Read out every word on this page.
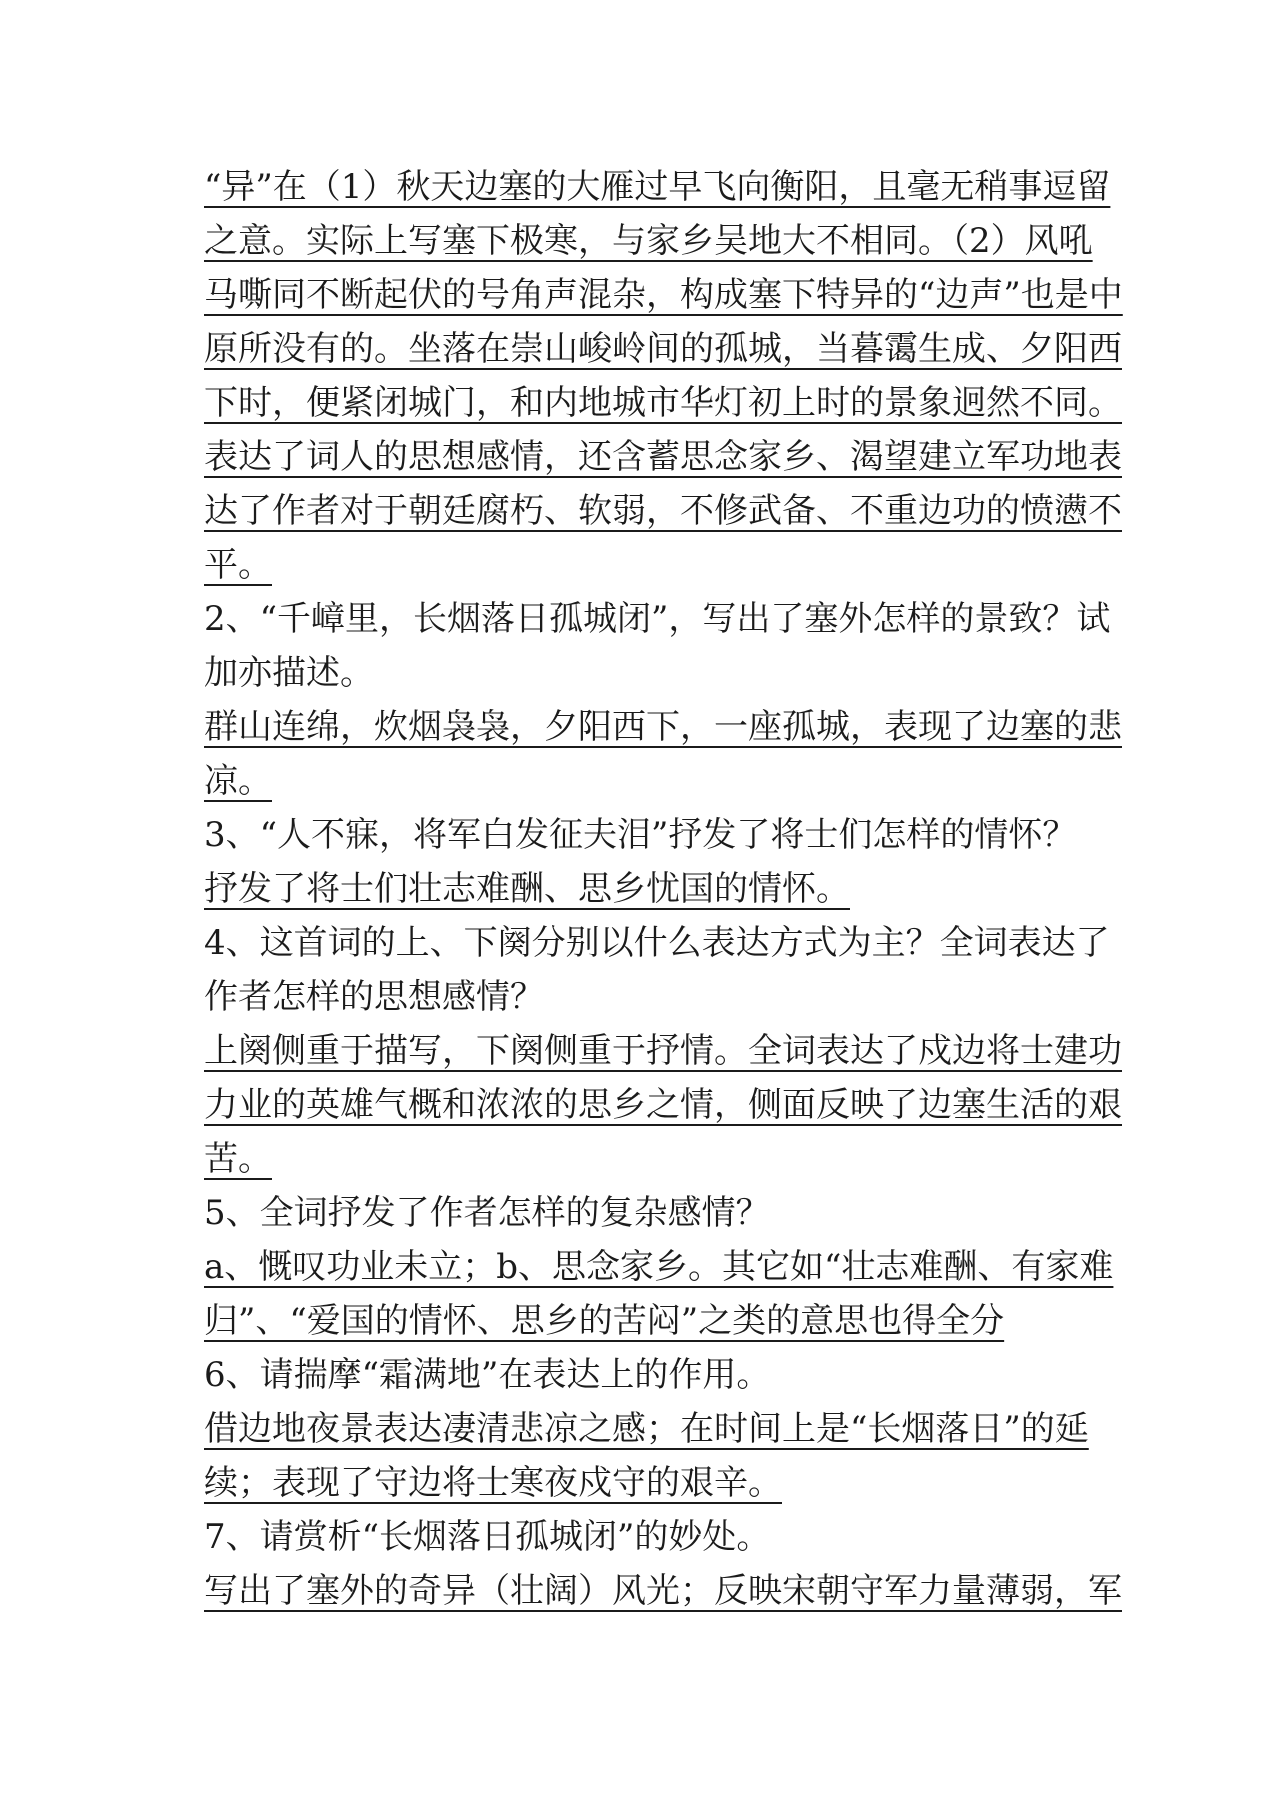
“异”在（1）秋天边塞的大雁过早飞向衡阳，且毫无稍事逗留
之意。实际上写塞下极寒，与家乡吴地大不相同。（2）风吼
马嘶同不断起伏的号角声混杂，构成塞下特异的“边声”也是中
原所没有的。坐落在崇山峻岭间的孤城，当暮霭生成、夕阳西
下时，便紧闭城门，和内地城市华灯初上时的景象迥然不同。
表达了词人的思想感情，还含蓄思念家乡、渴望建立军功地表
达了作者对于朝廷腐朽、软弱，不修武备、不重边功的愤懑不
平。
2、“千嶂里，长烟落日孤城闭”，写出了塞外怎样的景致？试
加亦描述。
群山连绵，炊烟袅袅，夕阳西下，一座孤城，表现了边塞的悲
凉。
3、“人不寐，将军白发征夫泪”抒发了将士们怎样的情怀？
抒发了将士们壮志难酬、思乡忧国的情怀。
4、这首词的上、下阕分别以什么表达方式为主？全词表达了
作者怎样的思想感情？
上阕侧重于描写，下阕侧重于抒情。全词表达了戍边将士建功
力业的英雄气概和浓浓的思乡之情，侧面反映了边塞生活的艰
苦。
5、全词抒发了作者怎样的复杂感情？
a、慨叹功业未立；b、思念家乡。其它如“壮志难酬、有家难
归”、“爱国的情怀、思乡的苦闷”之类的意思也得全分
6、请揣摩“霜满地”在表达上的作用。
借边地夜景表达凄清悲凉之感；在时间上是“长烟落日”的延
续；表现了守边将士寒夜戍守的艰辛。
7、请赏析“长烟落日孤城闭”的妙处。
写出了塞外的奇异（壮阔）风光；反映宋朝守军力量薄弱，军
